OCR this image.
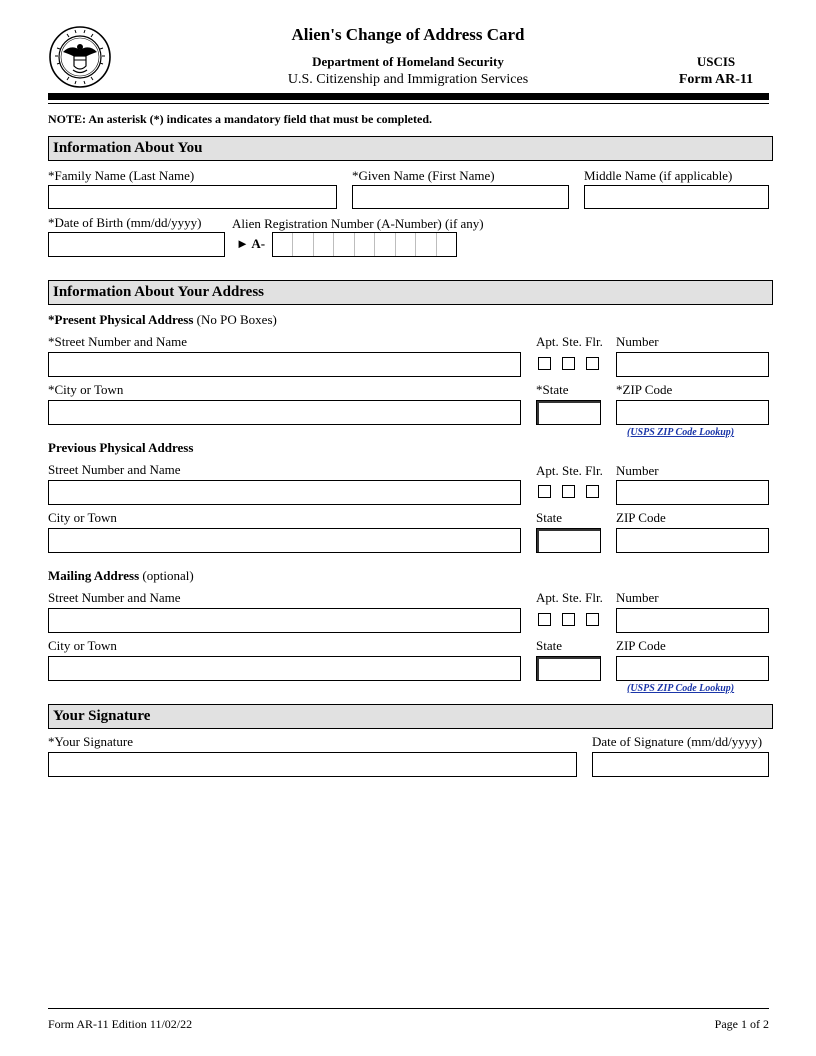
Alien's Change of Address Card
Department of Homeland Security
U.S. Citizenship and Immigration Services
USCIS
Form AR-11
NOTE: An asterisk (*) indicates a mandatory field that must be completed.
Information About You
*Family Name (Last Name)	*Given Name (First Name)	Middle Name (if applicable)
*Date of Birth (mm/dd/yyyy) Alien Registration Number (A-Number) (if any)
► A-
Information About Your Address
*Present Physical Address (No PO Boxes)
*Street Number and Name	Apt. Ste. Flr. Number
*City or Town	*State	*ZIP Code
(USPS ZIP Code Lookup)
Previous Physical Address
Street Number and Name	Apt. Ste. Flr. Number
City or Town	State	ZIP Code
Mailing Address (optional)
Street Number and Name	Apt. Ste. Flr. Number
City or Town	State	ZIP Code
(USPS ZIP Code Lookup)
Your Signature
*Your Signature	Date of Signature (mm/dd/yyyy)
Form AR-11 Edition 11/02/22	Page 1 of 2
